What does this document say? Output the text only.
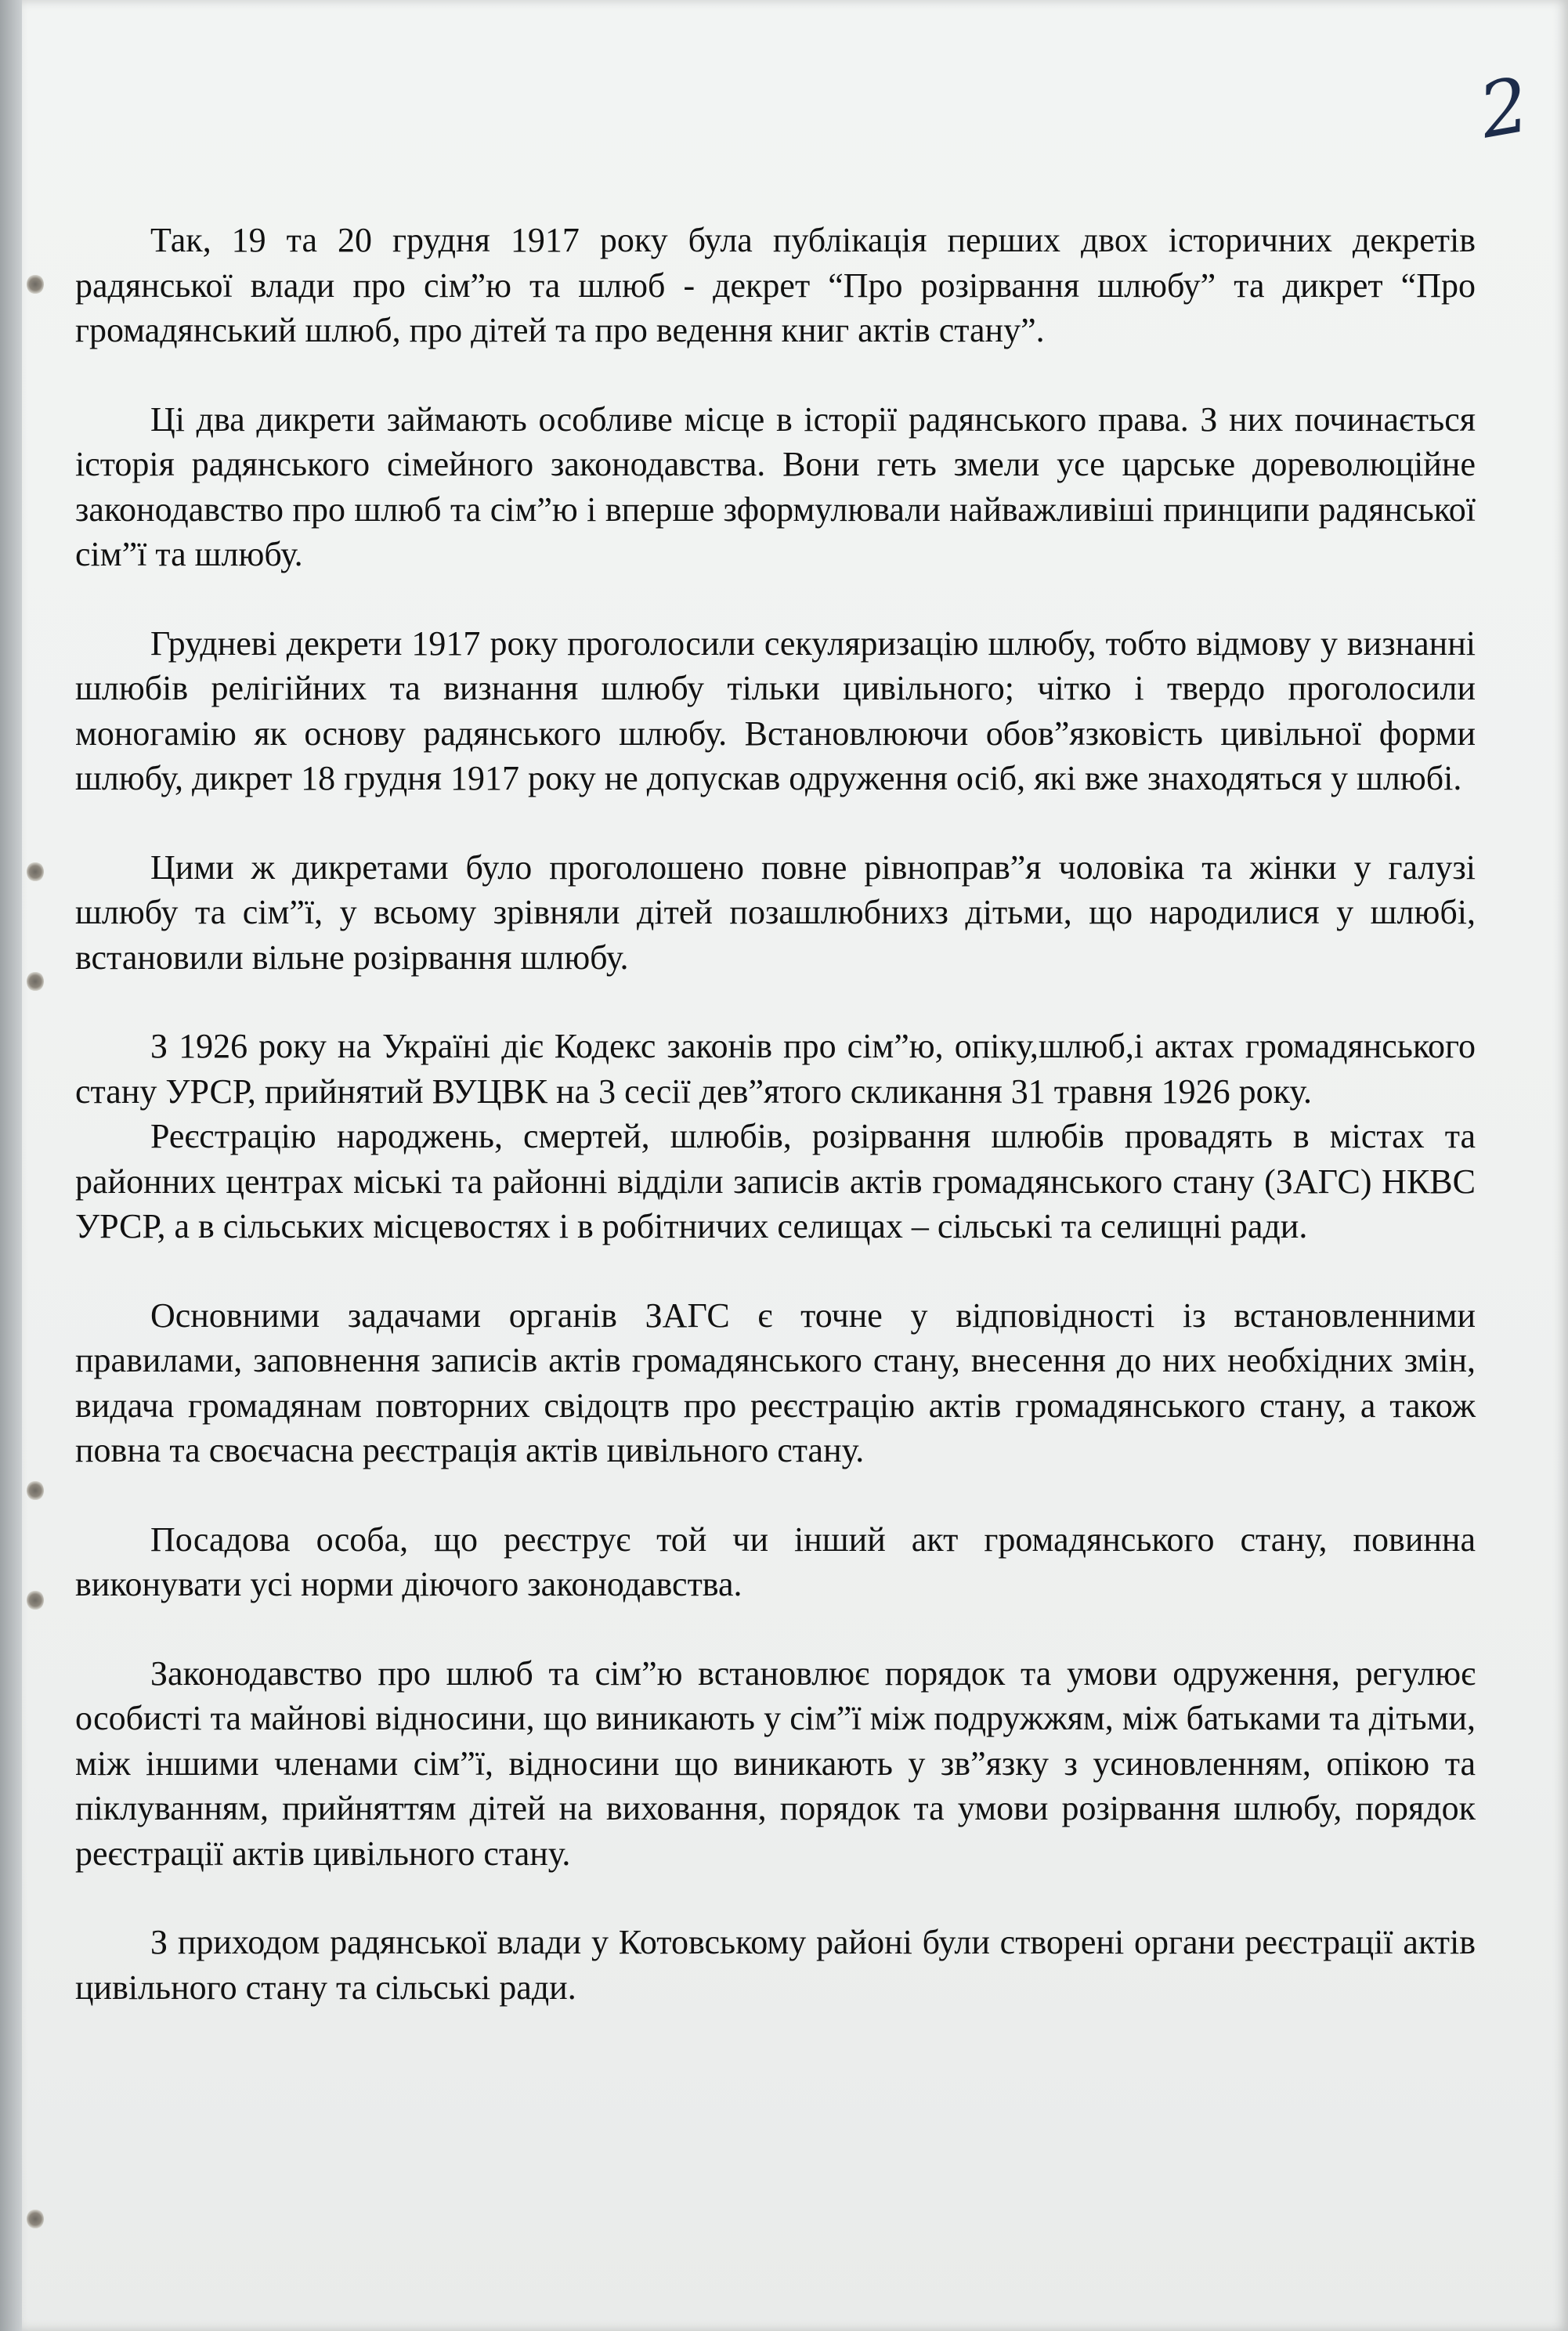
2

Так, 19 та 20 грудня 1917 року була публікація перших двох історичних декретів радянської влади про сім”ю та шлюб - декрет “Про розірвання шлюбу” та дикрет “Про громадянський шлюб, про дітей та про ведення книг актів стану”.

Ці два дикрети займають особливе місце в історії радянського права. З них починається історія радянського сімейного законодавства. Вони геть змели усе царське дореволюційне законодавство про шлюб та сім”ю і вперше зформулювали найважливіші принципи радянської сім”ї та шлюбу.

Грудневі декрети 1917 року проголосили секуляризацію шлюбу, тобто відмову у визнанні шлюбів релігійних та визнання шлюбу тільки цивільного; чітко і твердо проголосили моногамію як основу радянського шлюбу. Встановлюючи обов”язковість цивільної форми шлюбу, дикрет 18 грудня 1917 року не допускав одруження осіб, які вже знаходяться у шлюбі.

Цими ж дикретами було проголошено повне рівноправ”я чоловіка та жінки у галузі шлюбу та сім”ї, у всьому зрівняли дітей позашлюбнихз дітьми, що народилися у шлюбі, встановили вільне розірвання шлюбу.

З 1926 року на Україні діє Кодекс законів про сім”ю, опіку,шлюб,і актах громадянського стану УРСР, прийнятий ВУЦВК на 3 сесії дев”ятого скликання 31 травня 1926 року.

Реєстрацію народжень, смертей, шлюбів, розірвання шлюбів провадять в містах та районних центрах міські та районні відділи записів актів громадянського стану (ЗАГС) НКВС УРСР, а в сільських місцевостях і в робітничих селищах – сільські та селищні ради.

Основними задачами органів ЗАГС є точне у відповідності із встановленними правилами, заповнення записів актів громадянського стану, внесення до них необхідних змін, видача громадянам повторних свідоцтв про реєстрацію актів громадянського стану, а також повна та своєчасна реєстрація актів цивільного стану.

Посадова особа, що реєструє той чи інший акт громадянського стану, повинна виконувати усі норми діючого законодавства.

Законодавство про шлюб та сім”ю встановлює порядок та умови одруження, регулює особисті та майнові відносини, що виникають у сім”ї між подружжям, між батьками та дітьми, між іншими членами сім”ї, відносини що виникають у зв”язку з усиновленням, опікою та піклуванням, прийняттям дітей на виховання, порядок та умови розірвання шлюбу, порядок реєстрації актів цивільного стану.

З приходом радянської влади у Котовському районі були створені органи реєстрації актів цивільного стану та сільські ради.
